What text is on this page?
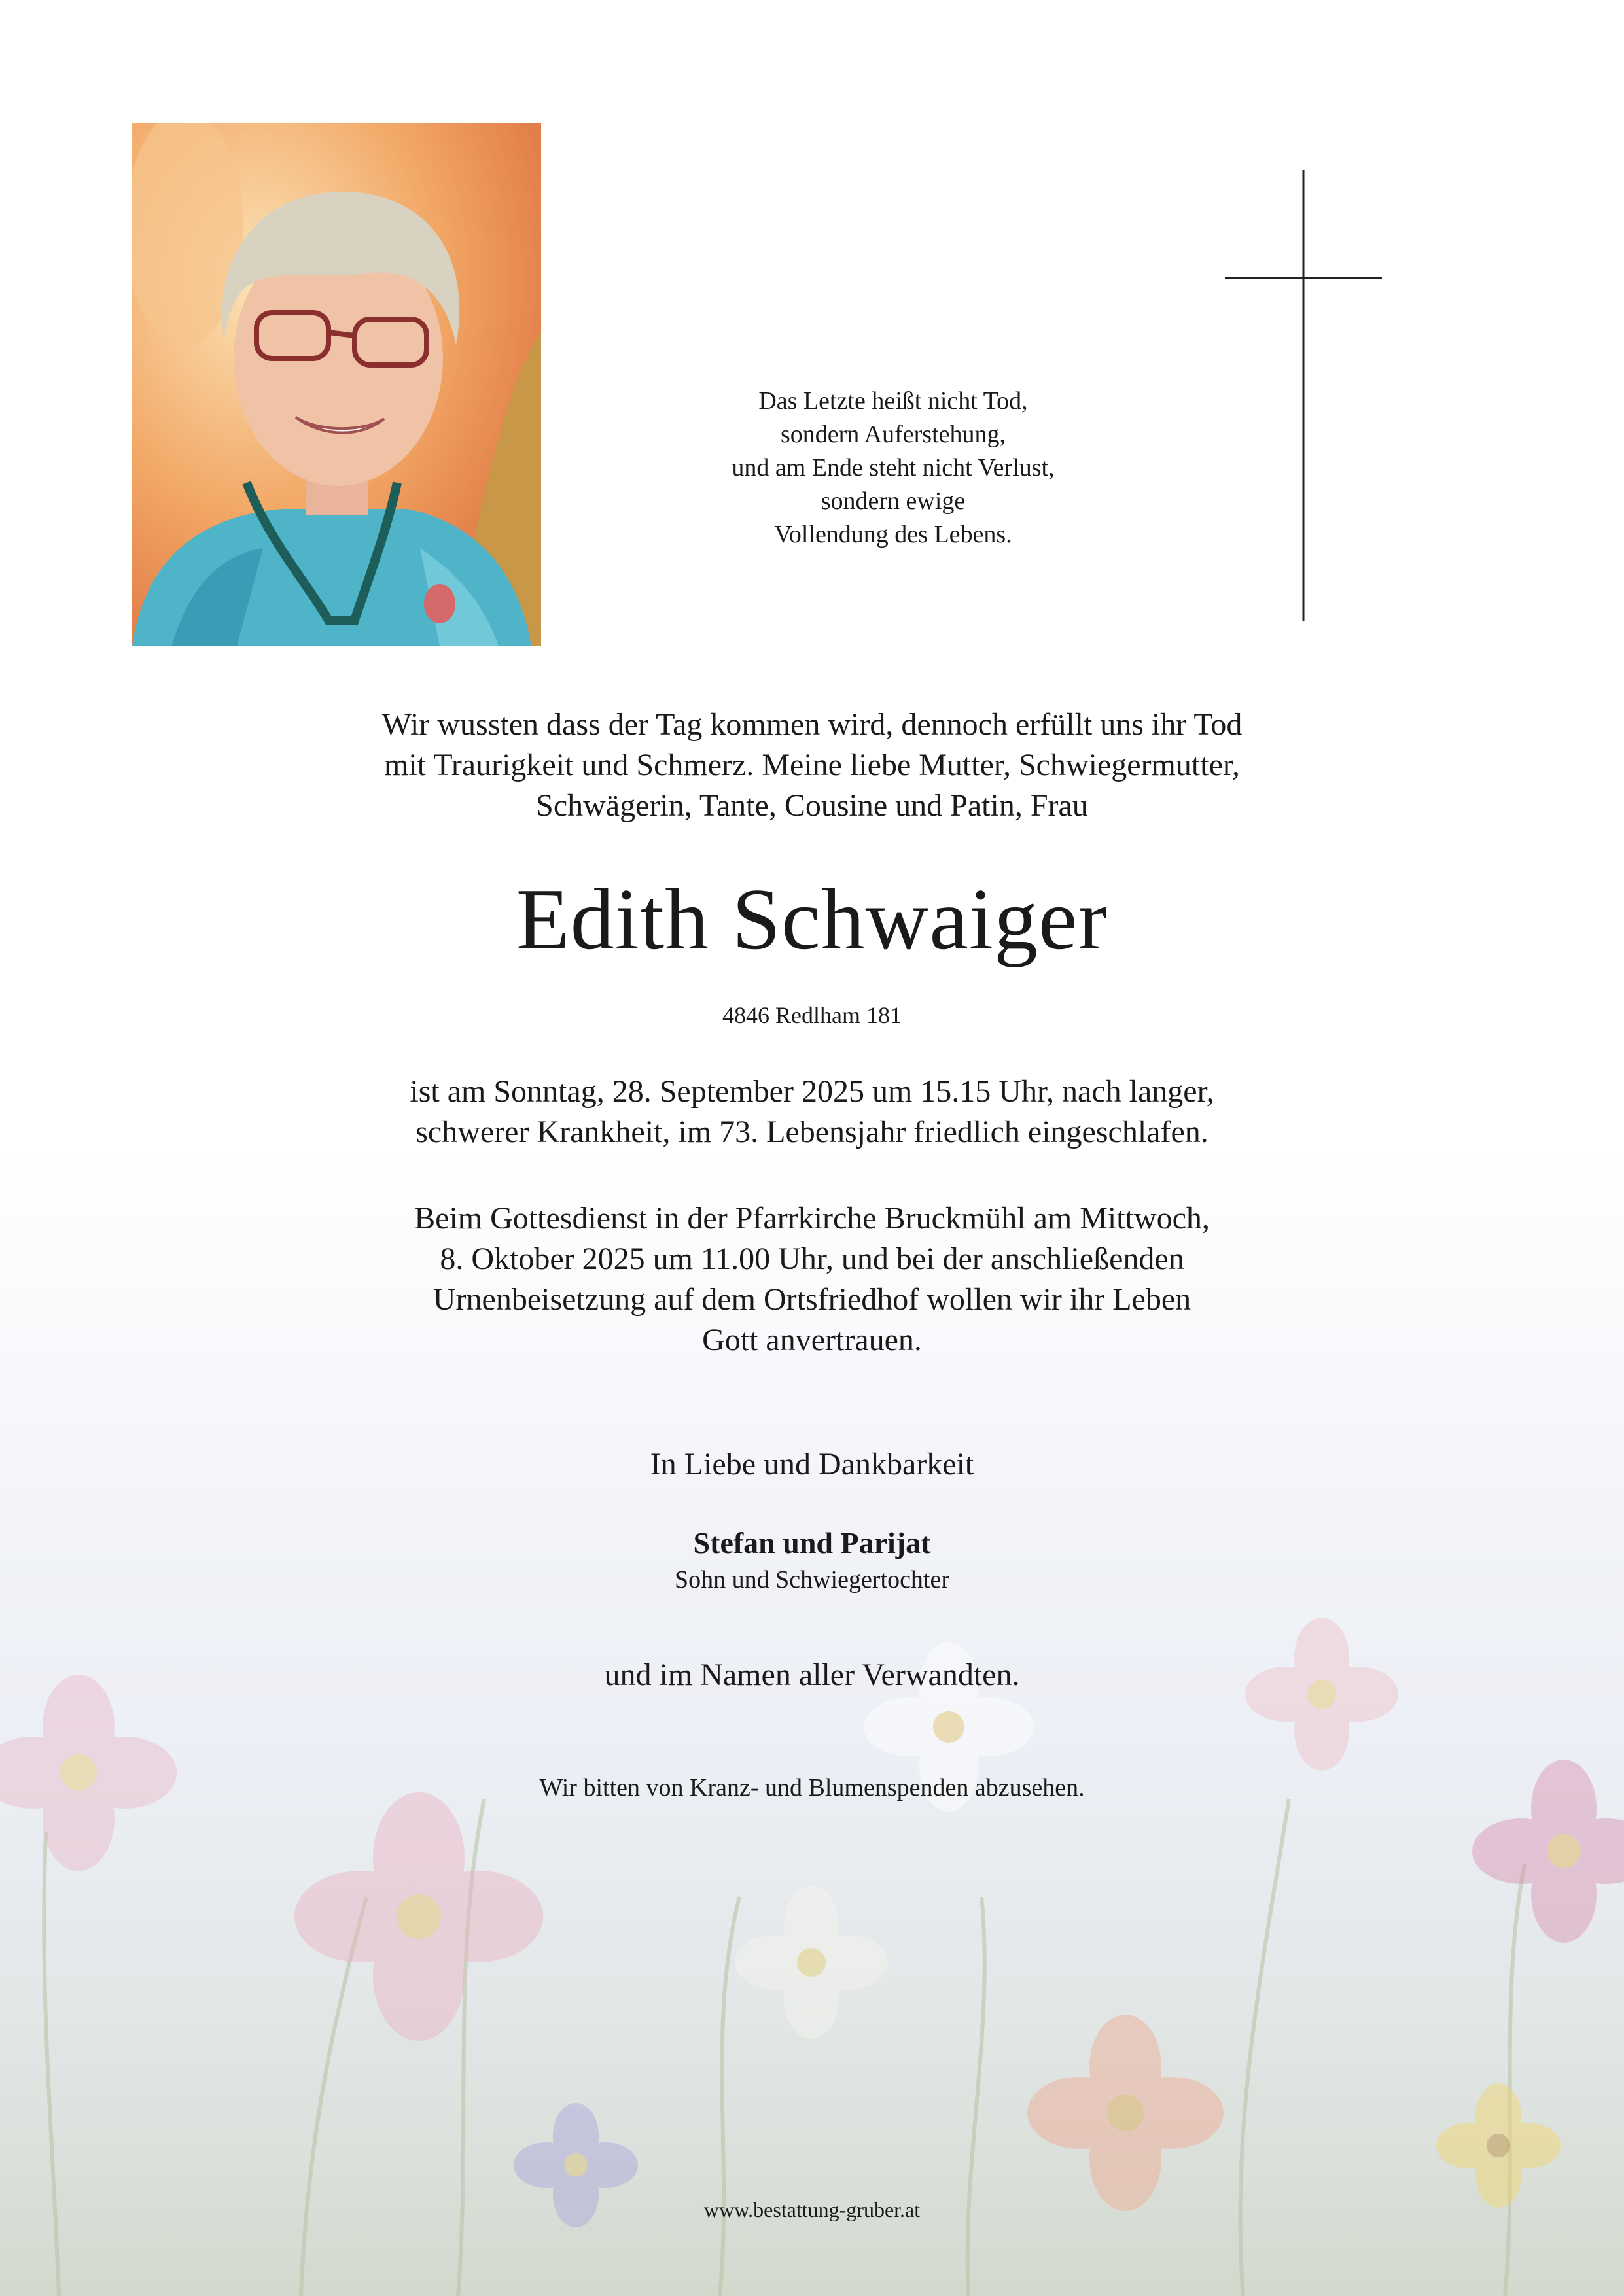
Das Letzte heißt nicht Tod,
sondern Auferstehung,
und am Ende steht nicht Verlust,
sondern ewige
Vollendung des Lebens.
Wir wussten dass der Tag kommen wird, dennoch erfüllt uns ihr Tod
mit Traurigkeit und Schmerz. Meine liebe Mutter, Schwiegermutter,
Schwägerin, Tante, Cousine und Patin, Frau
Edith Schwaiger
4846 Redlham 181
ist am Sonntag, 28. September 2025 um 15.15 Uhr, nach langer,
schwerer Krankheit, im 73. Lebensjahr friedlich eingeschlafen.
Beim Gottesdienst in der Pfarrkirche Bruckmühl am Mittwoch,
8. Oktober 2025 um 11.00 Uhr, und bei der anschließenden
Urnenbeisetzung auf dem Ortsfriedhof wollen wir ihr Leben
Gott anvertrauen.
In Liebe und Dankbarkeit
Stefan und Parijat
Sohn und Schwiegertochter
und im Namen aller Verwandten.
Wir bitten von Kranz- und Blumenspenden abzusehen.
www.bestattung-gruber.at
